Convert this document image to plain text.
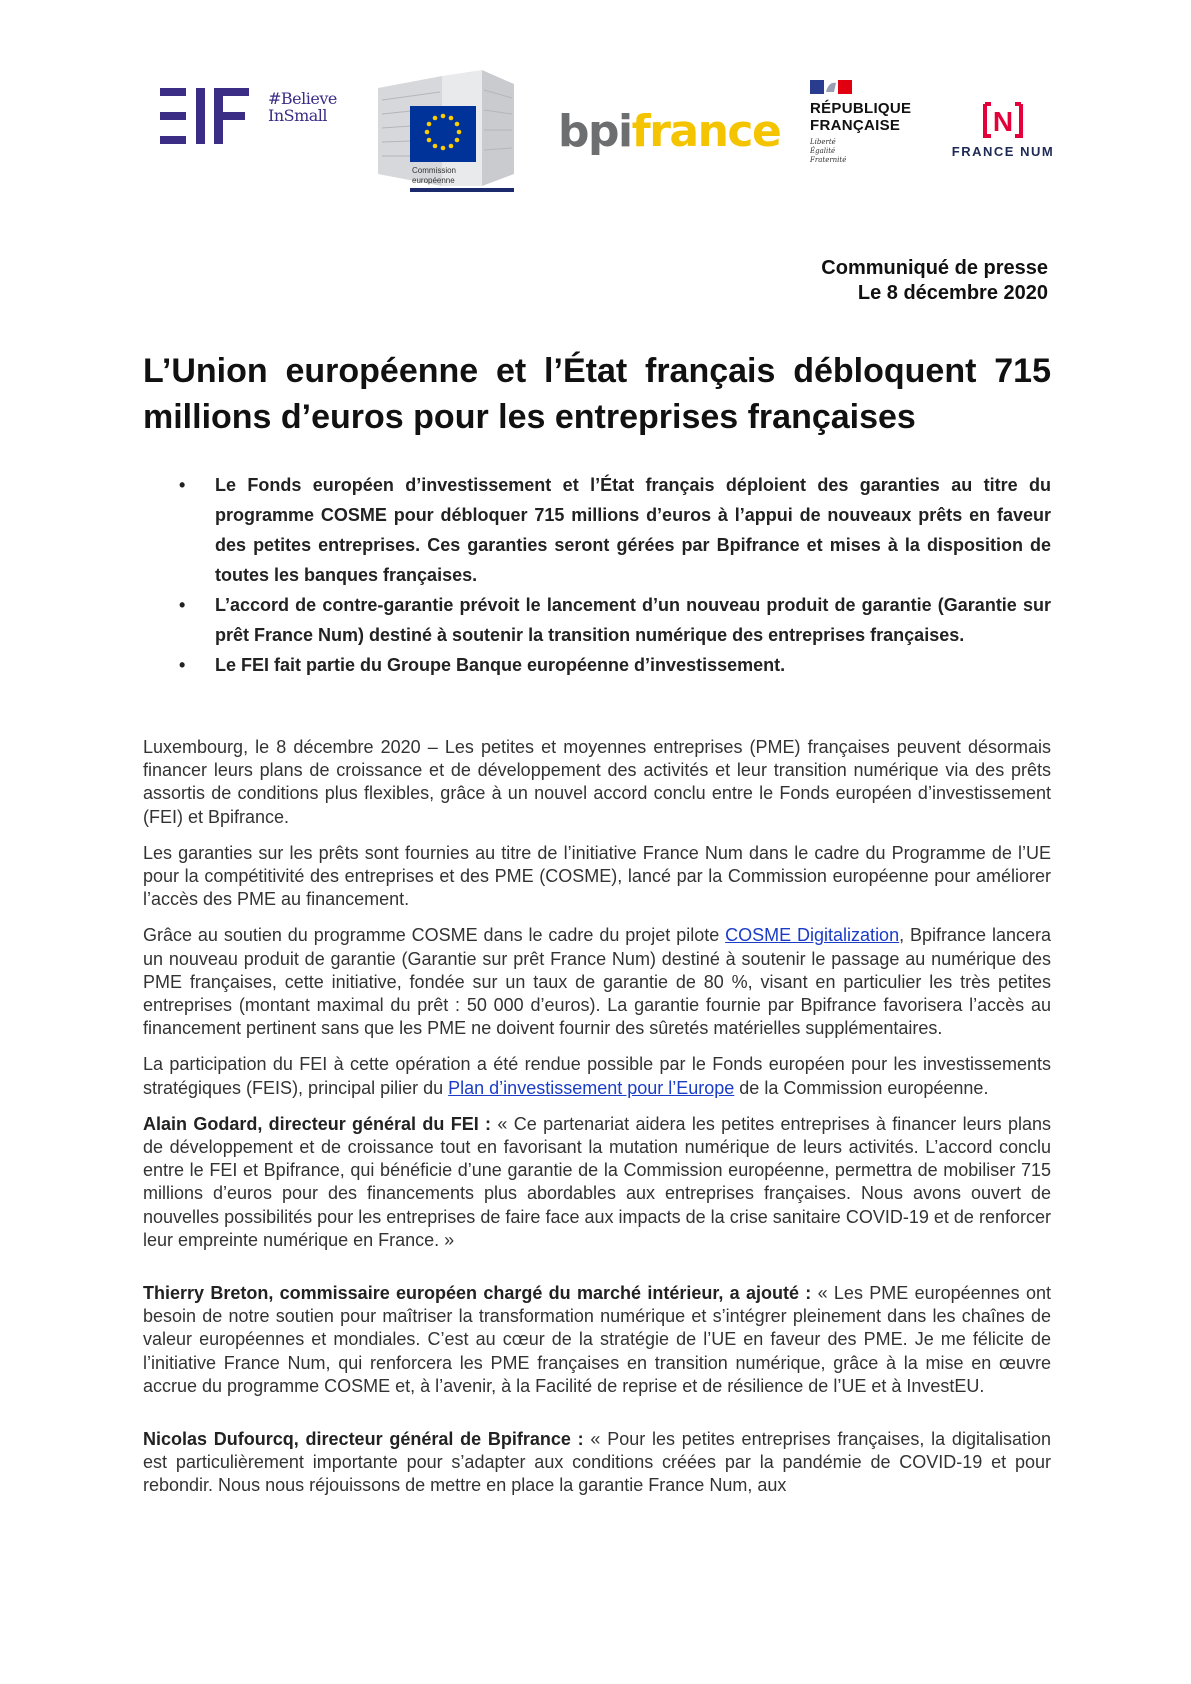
#Believe
InSmall
Commission
européenne
bpifrance RÉPUBLIQUE
FRANÇAISE
Liberté
Égalité
Fraternité
N
FRANCE NUM
Communiqué de presse
Le 8 décembre 2020
L’Union européenne et l’État français débloquent 715 millions d’euros pour les entreprises françaises
• Le Fonds européen d’investissement et l’État français déploient des garanties au titre du programme COSME pour débloquer 715 millions d’euros à l’appui de nouveaux prêts en faveur des petites entreprises. Ces garanties seront gérées par Bpifrance et mises à la disposition de toutes les banques françaises.
• L’accord de contre-garantie prévoit le lancement d’un nouveau produit de garantie (Garantie sur prêt France Num) destiné à soutenir la transition numérique des entreprises françaises.
• Le FEI fait partie du Groupe Banque européenne d’investissement.

Luxembourg, le 8 décembre 2020 – Les petites et moyennes entreprises (PME) françaises peuvent désormais financer leurs plans de croissance et de développement des activités et leur transition numérique via des prêts assortis de conditions plus flexibles, grâce à un nouvel accord conclu entre le Fonds européen d’investissement (FEI) et Bpifrance.

Les garanties sur les prêts sont fournies au titre de l’initiative France Num dans le cadre du Programme de l’UE pour la compétitivité des entreprises et des PME (COSME), lancé par la Commission européenne pour améliorer l’accès des PME au financement.

Grâce au soutien du programme COSME dans le cadre du projet pilote COSME Digitalization, Bpifrance lancera un nouveau produit de garantie (Garantie sur prêt France Num) destiné à soutenir le passage au numérique des PME françaises, cette initiative, fondée sur un taux de garantie de 80 %, visant en particulier les très petites entreprises (montant maximal du prêt : 50 000 d’euros). La garantie fournie par Bpifrance favorisera l’accès au financement pertinent sans que les PME ne doivent fournir des sûretés matérielles supplémentaires.

La participation du FEI à cette opération a été rendue possible par le Fonds européen pour les investissements stratégiques (FEIS), principal pilier du Plan d’investissement pour l’Europe de la Commission européenne.

Alain Godard, directeur général du FEI : « Ce partenariat aidera les petites entreprises à financer leurs plans de développement et de croissance tout en favorisant la mutation numérique de leurs activités. L’accord conclu entre le FEI et Bpifrance, qui bénéficie d’une garantie de la Commission européenne, permettra de mobiliser 715 millions d’euros pour des financements plus abordables aux entreprises françaises. Nous avons ouvert de nouvelles possibilités pour les entreprises de faire face aux impacts de la crise sanitaire COVID-19 et de renforcer leur empreinte numérique en France. »

Thierry Breton, commissaire européen chargé du marché intérieur, a ajouté : « Les PME européennes ont besoin de notre soutien pour maîtriser la transformation numérique et s’intégrer pleinement dans les chaînes de valeur européennes et mondiales. C’est au cœur de la stratégie de l’UE en faveur des PME. Je me félicite de l’initiative France Num, qui renforcera les PME françaises en transition numérique, grâce à la mise en œuvre accrue du programme COSME et, à l’avenir, à la Facilité de reprise et de résilience de l’UE et à InvestEU.

Nicolas Dufourcq, directeur général de Bpifrance : « Pour les petites entreprises françaises, la digitalisation est particulièrement importante pour s’adapter aux conditions créées par la pandémie de COVID-19 et pour rebondir. Nous nous réjouissons de mettre en place la garantie France Num, aux
